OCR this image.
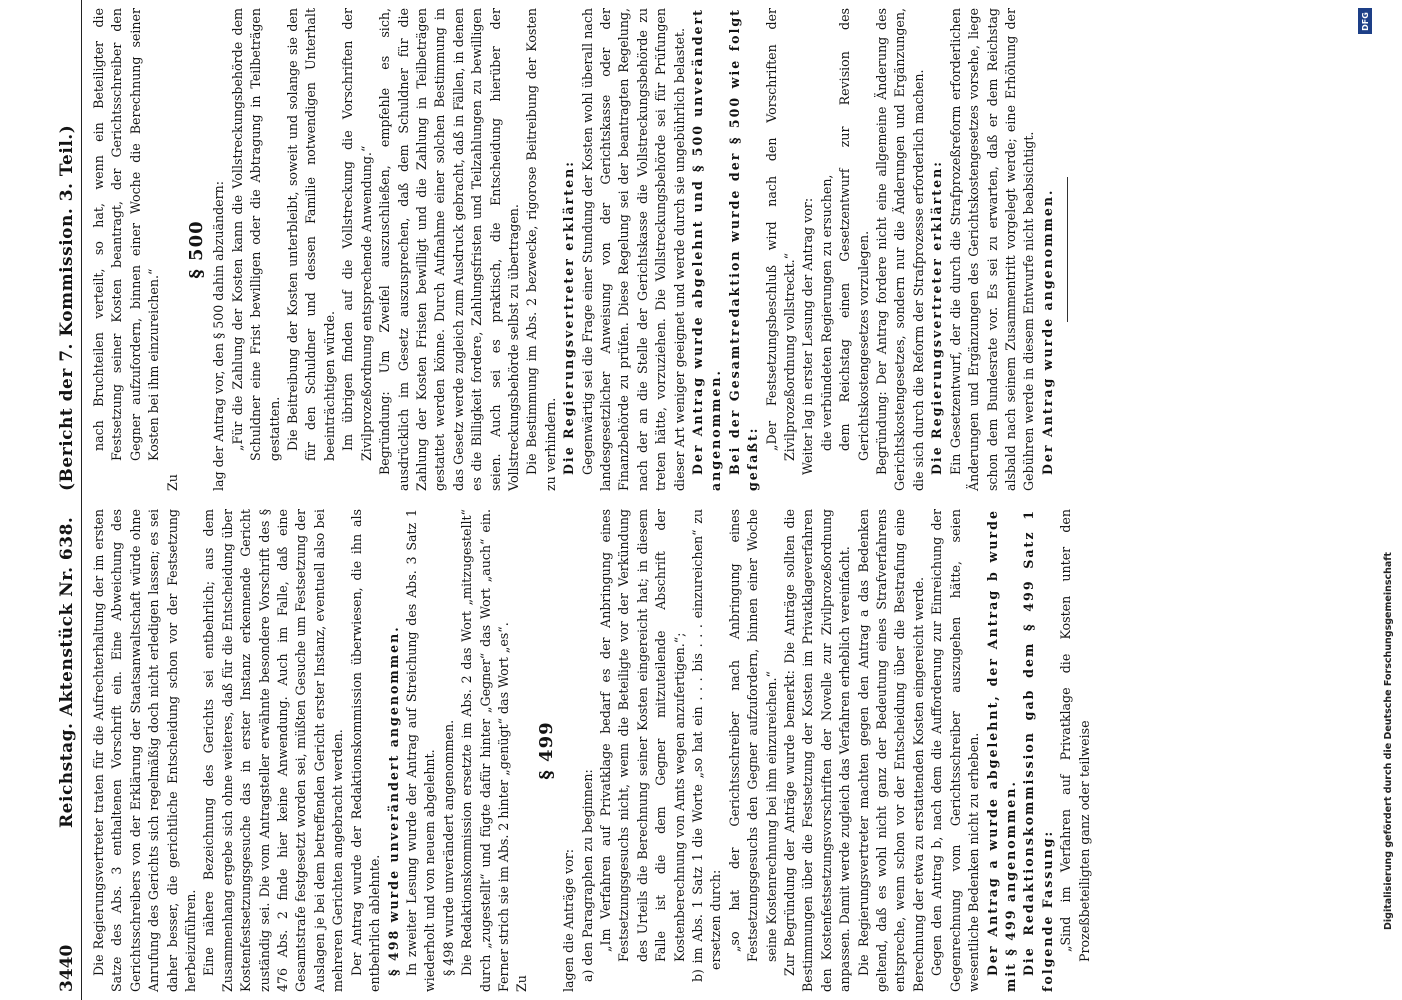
3440
Reichstag. Aktenstück Nr. 638.    (Bericht der 7. Kommission. 3. Teil.)

Die Regierungsvertreter traten für die Aufrechterhaltung der im ersten Satze des Abs. 3 enthaltenen Vorschrift ein. Eine Abweichung des Gerichtsschreibers von der Erklärung der Staatsanwaltschaft würde ohne Anrufung des Gerichts sich regelmäßig doch nicht erledigen lassen; es sei daher besser, die gerichtliche Entscheidung schon vor der Festsetzung herbeizuführen. Eine nähere Bezeichnung des Gerichts sei entbehrlich; aus dem Zusammenhang ergebe sich ohne weiteres, daß für die Entscheidung über Kostenfestsetzungsgesuche das in erster Instanz erkennende Gericht zuständig sei. Die vom Antragsteller erwähnte besondere Vorschrift des § 476 Abs. 2 finde hier keine Anwendung. Auch im Falle, daß eine Gesamtstrafe festgesetzt worden sei, müßten Gesuche um Festsetzung der Auslagen je bei dem betreffenden Gericht erster Instanz, eventuell also bei mehreren Gerichten angebracht werden. Der Antrag wurde der Redaktionskommission überwiesen, die ihn als entbehrlich ablehnte. § 498 wurde unverändert angenommen. In zweiter Lesung wurde der Antrag auf Streichung des Abs. 3 Satz 1 wiederholt und von neuem abgelehnt. § 498 wurde unverändert angenommen. Die Redaktionskommission ersetzte im Abs. 2 das Wort „mitzugestellt“ durch „zugestellt“ und fügte dafür hinter „Gegner“ das Wort „auch“ ein. Ferner strich sie im Abs. 2 hinter „genügt“ das Wort „es“. Zu

§ 499

lagen die Anträge vor: a) den Paragraphen zu beginnen: „Im Verfahren auf Privatklage bedarf es der Anbringung eines Festsetzungsgesuchs nicht, wenn die Beteiligte vor der Verkündung des Urteils die Berechnung seiner Kosten eingereicht hat; in diesem Falle ist die dem Gegner mitzuteilende Abschrift der Kostenberechnung von Amts wegen anzufertigen.“; b) im Abs. 1 Satz 1 die Worte „so hat ein . . . bis . . . einzureichen“ zu ersetzen durch: „so hat der Gerichtsschreiber nach Anbringung eines Festsetzungsgesuchs den Gegner aufzufordern, binnen einer Woche seine Kostenrechnung bei ihm einzureichen.“ Zur Begründung der Anträge wurde bemerkt: Die Anträge sollten die Bestimmungen über die Festsetzung der Kosten im Privatklageverfahren den Kostenfestsetzungsvorschriften der Novelle zur Zivilprozeßordnung anpassen. Damit werde zugleich das Verfahren erheblich vereinfacht. Die Regierungsvertreter machten gegen den Antrag a das Bedenken geltend, daß es wohl nicht ganz der Bedeutung eines Strafverfahrens entspreche, wenn schon vor der Entscheidung über die Bestrafung eine Berechnung der etwa zu erstattenden Kosten eingereicht werde. Gegen den Antrag b, nach dem die Aufforderung zur Einreichung der Gegenrechnung vom Gerichtsschreiber auszugehen hätte, seien wesentliche Bedenken nicht zu erheben. Der Antrag a wurde abgelehnt, der Antrag b wurde mit § 499 angenommen. Die Redaktionskommission gab dem § 499 Satz 1 folgende Fassung: „Sind im Verfahren auf Privatklage die Kosten unter den Prozeßbeteiligten ganz oder teilweise

nach Bruchteilen verteilt, so hat, wenn ein Beteiligter die Festsetzung seiner Kosten beantragt, der Gerichtsschreiber den Gegner aufzufordern, binnen einer Woche die Berechnung seiner Kosten bei ihm einzureichen.“

Zu

§ 500 lag der Antrag vor, den § 500 dahin abzuändern: „Für die Zahlung der Kosten kann die Vollstreckungsbehörde dem Schuldner eine Frist bewilligen oder die Abtragung in Teilbeträgen gestatten. Die Beitreibung der Kosten unterbleibt, soweit und solange sie den für den Schuldner und dessen Familie notwendigen Unterhalt beeinträchtigen würde. Im übrigen finden auf die Vollstreckung die Vorschriften der Zivilprozeßordnung entsprechende Anwendung.“ Begründung: Um Zweifel auszuschließen, empfehle es sich, ausdrücklich im Gesetz auszusprechen, daß dem Schuldner für die Zahlung der Kosten Fristen bewilligt und die Zahlung in Teilbeträgen gestattet werden könne. Durch Aufnahme einer solchen Bestimmung in das Gesetz werde zugleich zum Ausdruck gebracht, daß in Fällen, in denen es die Billigkeit fordere, Zahlungsfristen und Teilzahlungen zu bewilligen seien. Auch sei es praktisch, die Entscheidung hierüber der Vollstreckungsbehörde selbst zu übertragen. Die Bestimmung im Abs. 2 bezwecke, rigorose Beitreibung der Kosten zu verhindern. Die Regierungsvertreter erklärten: Gegenwärtig sei die Frage einer Stundung der Kosten wohl überall nach landesgesetzlicher Anweisung von der Gerichtskasse oder der Finanzbehörde zu prüfen. Diese Regelung sei der beantragten Regelung, nach der an die Stelle der Gerichtskasse die Vollstreckungsbehörde zu treten hätte, vorzuziehen. Die Vollstreckungsbehörde sei für Prüfungen dieser Art weniger geeignet und werde durch sie ungebührlich belastet. Der Antrag wurde abgelehnt und § 500 unverändert angenommen. Bei der Gesamtredaktion wurde der § 500 wie folgt gefaßt:

„Der Festsetzungsbeschluß wird nach den Vorschriften der Zivilprozeßordnung vollstreckt.“ Weiter lag in erster Lesung der Antrag vor: die verbündeten Regierungen zu ersuchen, dem Reichstag einen Gesetzentwurf zur Revision des Gerichtskostengesetzes vorzulegen. Begründung: Der Antrag fordere nicht eine allgemeine Änderung des Gerichtskostengesetzes, sondern nur die Änderungen und Ergänzungen, die sich durch die Reform der Strafprozesse erforderlich machen. Die Regierungsvertreter erklärten: Ein Gesetzentwurf, der die durch die Strafprozeßreform erforderlichen Änderungen und Ergänzungen des Gerichtskostengesetzes vorsehe, liege schon dem Bundesrate vor. Es sei zu erwarten, daß er dem Reichstag alsbald nach seinem Zusammentritt vorgelegt werde; eine Erhöhung der Gebühren werde in diesem Entwurfe nicht beabsichtigt. Der Antrag wurde angenommen.

DFG
Digitalisierung gefördert durch die Deutsche Forschungsgemeinschaft
